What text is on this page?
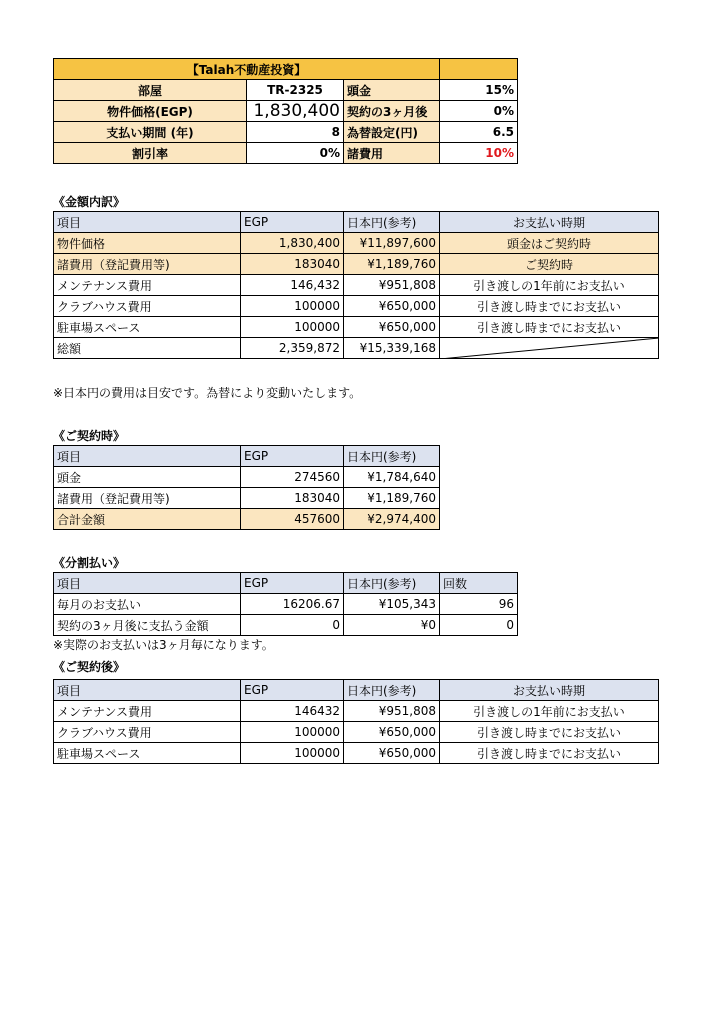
【Talah不動産投資】			
部屋	TR-2325	頭金	15%
物件価格(EGP)	1,830,400	契約の3ヶ月後	0%
支払い期間 (年)	8	為替設定(円)	6.5
割引率	0%	諸費用	10%
《金額内訳》
項目	EGP	日本円(参考)	お支払い時期
物件価格	1,830,400	¥11,897,600	頭金はご契約時
諸費用（登記費用等)	183040	¥1,189,760	ご契約時
メンテナンス費用	146,432	¥951,808	引き渡しの1年前にお支払い
クラブハウス費用	100000	¥650,000	引き渡し時までにお支払い
駐車場スペース	100000	¥650,000	引き渡し時までにお支払い
総額	2,359,872	¥15,339,168	
※日本円の費用は目安です。為替により変動いたします。
《ご契約時》
項目	EGP	日本円(参考)
頭金	274560	¥1,784,640
諸費用（登記費用等)	183040	¥1,189,760
合計金額	457600	¥2,974,400
《分割払い》
項目	EGP	日本円(参考)	回数
毎月のお支払い	16206.67	¥105,343	96
契約の3ヶ月後に支払う金額	0	¥0	0
※実際のお支払いは3ヶ月毎になります。
《ご契約後》
項目	EGP	日本円(参考)	お支払い時期
メンテナンス費用	146432	¥951,808	引き渡しの1年前にお支払い
クラブハウス費用	100000	¥650,000	引き渡し時までにお支払い
駐車場スペース	100000	¥650,000	引き渡し時までにお支払い
